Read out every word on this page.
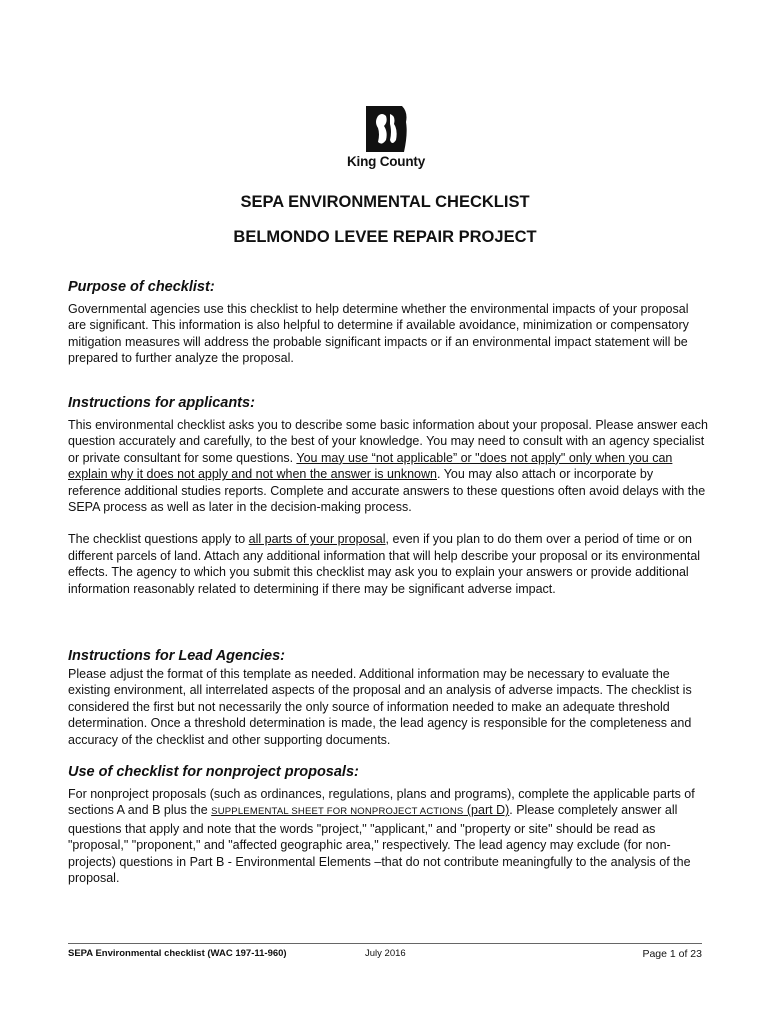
King County
SEPA ENVIRONMENTAL CHECKLIST
BELMONDO LEVEE REPAIR PROJECT
Purpose of checklist:

Governmental agencies use this checklist to help determine whether the environmental impacts of your proposal are significant. This information is also helpful to determine if available avoidance, minimization or compensatory mitigation measures will address the probable significant impacts or if an environmental impact statement will be prepared to further analyze the proposal.

Instructions for applicants:

This environmental checklist asks you to describe some basic information about your proposal. Please answer each question accurately and carefully, to the best of your knowledge. You may need to consult with an agency specialist or private consultant for some questions. You may use “not applicable” or "does not apply" only when you can explain why it does not apply and not when the answer is unknown. You may also attach or incorporate by reference additional studies reports. Complete and accurate answers to these questions often avoid delays with the SEPA process as well as later in the decision-making process.

The checklist questions apply to all parts of your proposal, even if you plan to do them over a period of time or on different parcels of land. Attach any additional information that will help describe your proposal or its environmental effects. The agency to which you submit this checklist may ask you to explain your answers or provide additional information reasonably related to determining if there may be significant adverse impact.

Instructions for Lead Agencies:

Please adjust the format of this template as needed. Additional information may be necessary to evaluate the existing environment, all interrelated aspects of the proposal and an analysis of adverse impacts. The checklist is considered the first but not necessarily the only source of information needed to make an adequate threshold determination. Once a threshold determination is made, the lead agency is responsible for the completeness and accuracy of the checklist and other supporting documents.

Use of checklist for nonproject proposals:

For nonproject proposals (such as ordinances, regulations, plans and programs), complete the applicable parts of sections A and B plus the SUPPLEMENTAL SHEET FOR NONPROJECT ACTIONS (part D). Please completely answer all questions that apply and note that the words "project," "applicant," and "property or site" should be read as "proposal," "proponent," and "affected geographic area," respectively. The lead agency may exclude (for non-projects) questions in Part B - Environmental Elements –that do not contribute meaningfully to the analysis of the proposal.

SEPA Environmental checklist (WAC 197-11-960)	July 2016	Page 1 of 23
